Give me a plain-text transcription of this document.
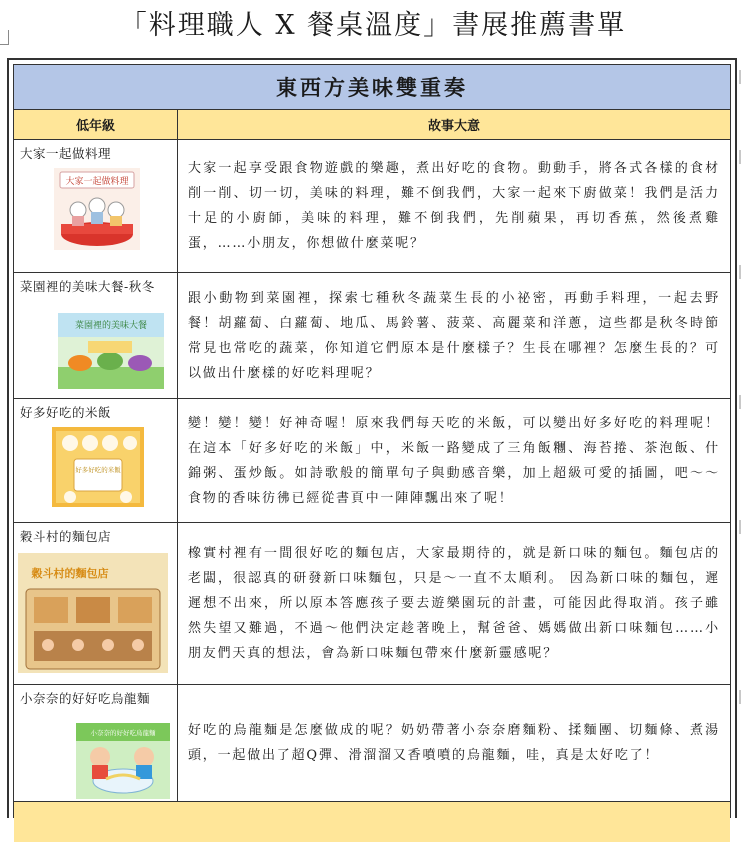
「料理職人 X 餐桌溫度」書展推薦書單
東西方美味雙重奏
低年級	故事大意
大家一起做料理
大家一起做料理
大家一起享受跟食物遊戲的樂趣，煮出好吃的食物。動動手，將各式各樣的食材削一削、切一切，美味的料理，難不倒我們，大家一起來下廚做菜！我們是活力十足的小廚師，美味的料理，難不倒我們，先削蘋果，再切香蕉，然後煮雞蛋，……小朋友，你想做什麼菜呢？
菜園裡的美味大餐-秋冬
菜園裡的美味大餐
跟小動物到菜園裡，探索七種秋冬蔬菜生長的小祕密，再動手料理，一起去野餐！胡蘿蔔、白蘿蔔、地瓜、馬鈴薯、菠菜、高麗菜和洋蔥，這些都是秋冬時節常見也常吃的蔬菜，你知道它們原本是什麼樣子？生長在哪裡？怎麼生長的？可以做出什麼樣的好吃料理呢？
好多好吃的米飯
好多好吃的米飯
變！變！變！好神奇喔！原來我們每天吃的米飯，可以變出好多好吃的料理呢！在這本「好多好吃的米飯」中，米飯一路變成了三角飯糰、海苔捲、茶泡飯、什錦粥、蛋炒飯。如詩歌般的簡單句子與動感音樂，加上超級可愛的插圖，吧～～食物的香味彷彿已經從書頁中一陣陣飄出來了呢！
穀斗村的麵包店
穀斗村的麵包店
橡實村裡有一間很好吃的麵包店，大家最期待的，就是新口味的麵包。麵包店的老闆，很認真的研發新口味麵包，只是～一直不太順利。 因為新口味的麵包，遲遲想不出來，所以原本答應孩子要去遊樂園玩的計畫，可能因此得取消。孩子雖然失望又難過，不過～他們決定趁著晚上，幫爸爸、媽媽做出新口味麵包……小朋友們天真的想法，會為新口味麵包帶來什麼新靈感呢？
小奈奈的好好吃烏龍麵
小奈奈的好好吃烏龍麵	好吃的烏龍麵是怎麼做成的呢？奶奶帶著小奈奈磨麵粉、揉麵團、切麵條、煮湯頭，一起做出了超Q彈、滑溜溜又香噴噴的烏龍麵，哇，真是太好吃了！
